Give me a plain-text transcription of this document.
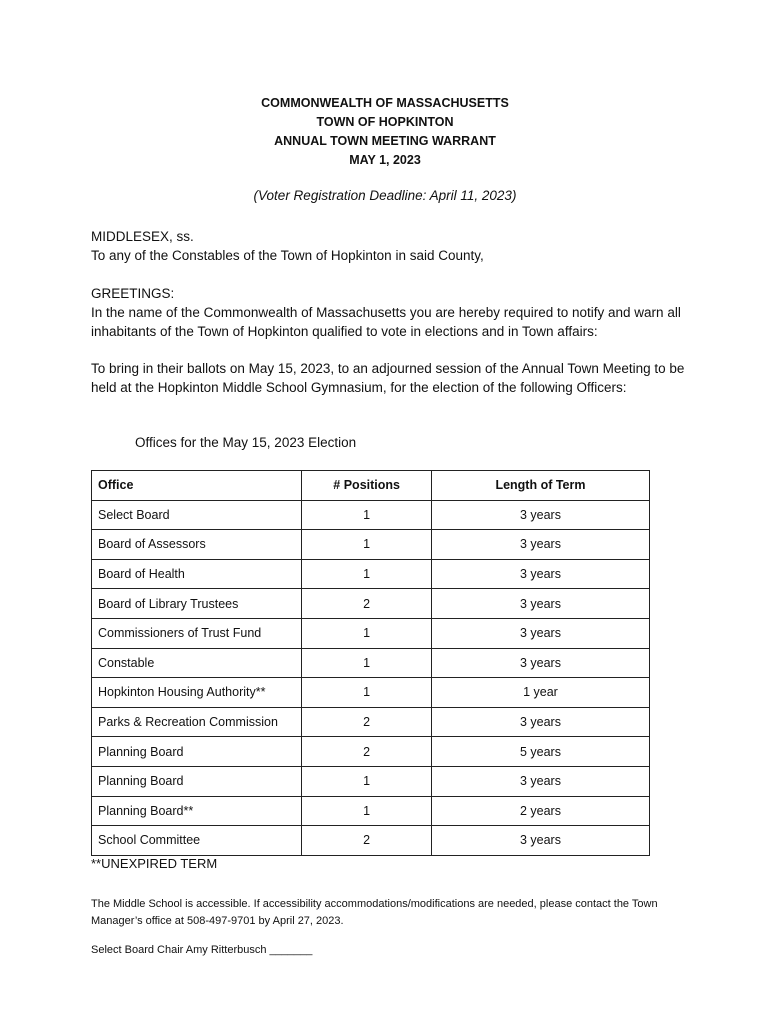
COMMONWEALTH OF MASSACHUSETTS
TOWN OF HOPKINTON
ANNUAL TOWN MEETING WARRANT
MAY 1, 2023
(Voter Registration Deadline: April 11, 2023)
MIDDLESEX, ss.
To any of the Constables of the Town of Hopkinton in said County,
GREETINGS:
In the name of the Commonwealth of Massachusetts you are hereby required to notify and warn all inhabitants of the Town of Hopkinton qualified to vote in elections and in Town affairs:
To bring in their ballots on May 15, 2023, to an adjourned session of the Annual Town Meeting to be held at the Hopkinton Middle School Gymnasium, for the election of the following Officers:
Offices for the May 15, 2023 Election
Office	# Positions	Length of Term
Select Board	1	3 years
Board of Assessors	1	3 years
Board of Health	1	3 years
Board of Library Trustees	2	3 years
Commissioners of Trust Fund	1	3 years
Constable	1	3 years
Hopkinton Housing Authority**	1	1 year
Parks & Recreation Commission	2	3 years
Planning Board	2	5 years
Planning Board	1	3 years
Planning Board**	1	2 years
School Committee	2	3 years
**UNEXPIRED TERM
The Middle School is accessible. If accessibility accommodations/modifications are needed, please contact the Town Manager’s office at 508-497-9701 by April 27, 2023.
Select Board Chair Amy Ritterbusch _______
